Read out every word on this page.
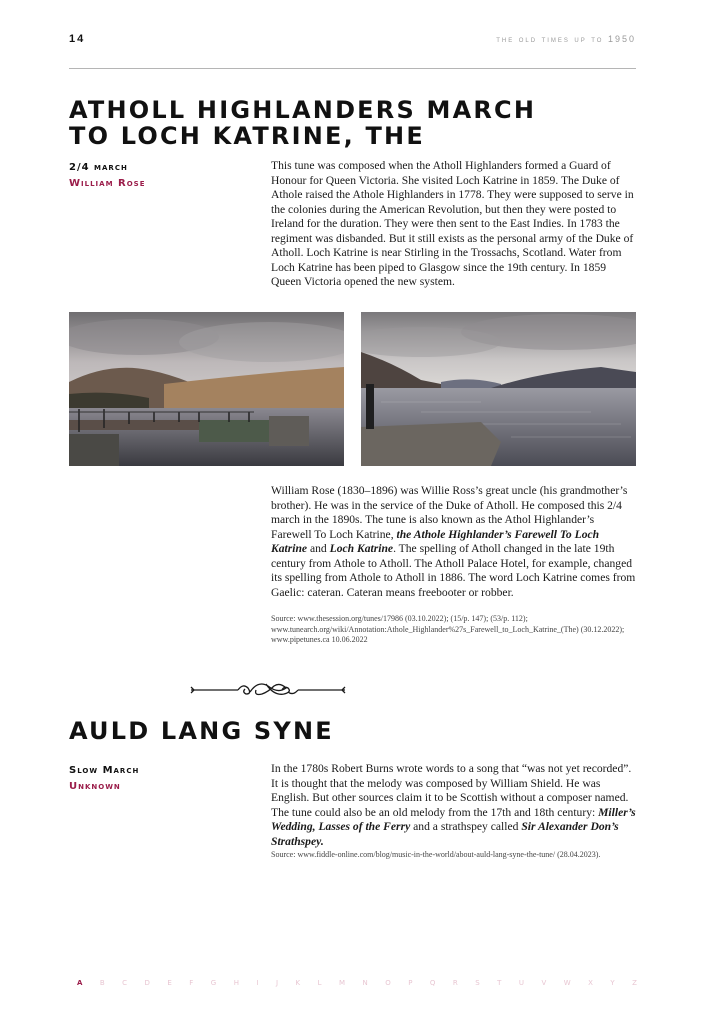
14	the old times up to 1950
ATHOLL HIGHLANDERS MARCH
TO LOCH KATRINE, THE
2/4 march
William Rose

This tune was composed when the Atholl Highlanders formed a Guard of Honour for Queen Victoria. She visited Loch Katrine in 1859. The Duke of Athole raised the Athole Highlanders in 1778. They were supposed to serve in the colonies during the American Revolution, but then they were posted to Ireland for the duration. They were then sent to the East Indies. In 1783 the regiment was disbanded. But it still exists as the personal army of the Duke of Atholl. Loch Katrine is near Stirling in the Trossachs, Scotland. Water from Loch Katrine has been piped to Glasgow since the 19th century. In 1859 Queen Victoria opened the new system.

William Rose (1830–1896) was Willie Ross’s great uncle (his grandmother’s brother). He was in the service of the Duke of Atholl. He composed this 2/4 march in the 1890s. The tune is also known as the Athol Highlander’s Farewell To Loch Katrine, the Athole Highlander’s Farewell To Loch Katrine and Loch Katrine. The spelling of Atholl changed in the late 19th century from Athole to Atholl. The Atholl Palace Hotel, for example, changed its spelling from Athole to Atholl in 1886. The word Loch Katrine comes from Gaelic: cateran. Cateran means freebooter or robber.

Source: www.thesession.org/tunes/17986 (03.10.2022); (15/p. 147); (53/p. 112); www.tunearch.org/wiki/Annotation:Athole_Highlander%27s_Farewell_to_Loch_Katrine_(The) (30.12.2022); www.pipetunes.ca 10.06.2022

AULD LANG SYNE
Slow March
Unknown

In the 1780s Robert Burns wrote words to a song that “was not yet recorded”. It is thought that the melody was composed by William Shield. He was English. But other sources claim it to be Scottish without a composer named. The tune could also be an old melody from the 17th and 18th century: Miller’s Wedding, Lasses of the Ferry and a strathspey called Sir Alexander Don’s Strathspey.

Source: www.fiddle-online.com/blog/music-in-the-world/about-auld-lang-syne-the-tune/ (28.04.2023).

A B C D E F G H I J K L M N O P Q R S T U V W X Y Z
